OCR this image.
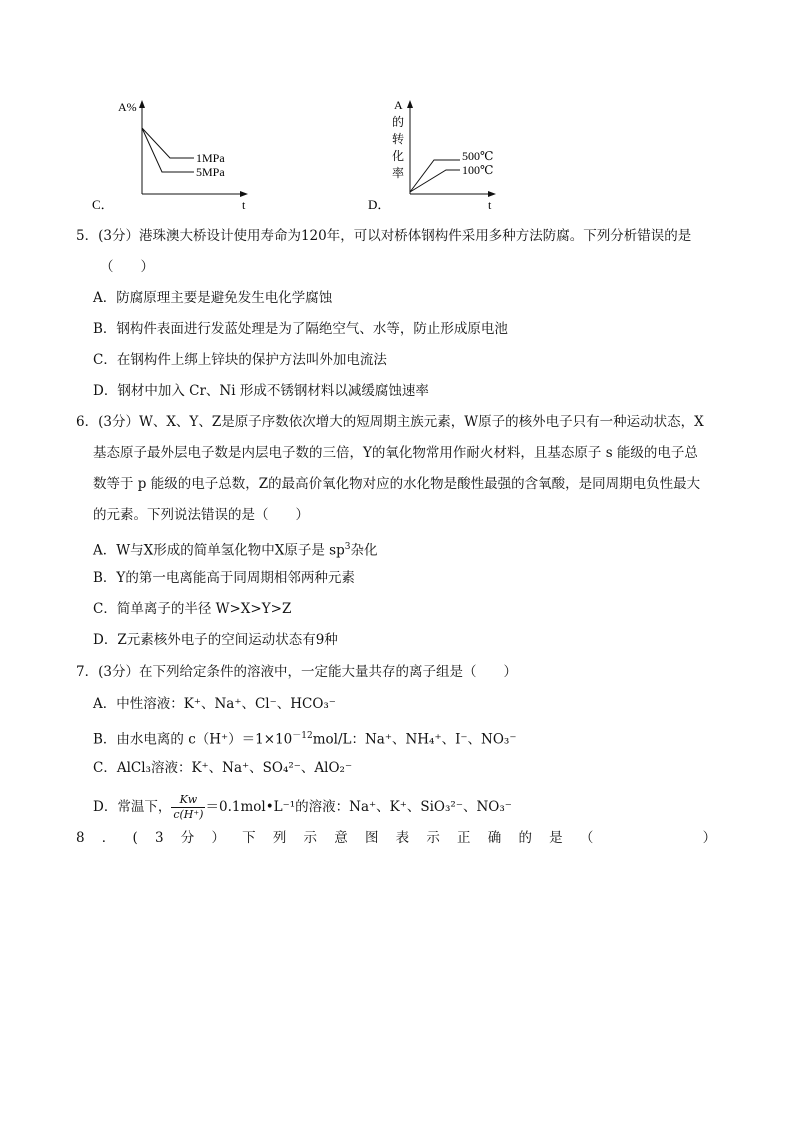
C．
A%
t
1MPa
5MPa
D．
A
的
转
化
率
t
500℃
100℃
5．(3分）港珠澳大桥设计使用寿命为120年，可以对桥体钢构件采用多种方法防腐。下列分析错误的是
（　　）
A．防腐原理主要是避免发生电化学腐蚀
B．钢构件表面进行发蓝处理是为了隔绝空气、水等，防止形成原电池
C．在钢构件上绑上锌块的保护方法叫外加电流法
D．钢材中加入 Cr、Ni 形成不锈钢材料以减缓腐蚀速率
6．(3分）W、X、Y、Z是原子序数依次增大的短周期主族元素，W原子的核外电子只有一种运动状态，X
基态原子最外层电子数是内层电子数的三倍，Y的氧化物常用作耐火材料，且基态原子 s 能级的电子总
数等于 p 能级的电子总数，Z的最高价氧化物对应的水化物是酸性最强的含氧酸，是同周期电负性最大
的元素。下列说法错误的是（　　）
A．W与X形成的简单氢化物中X原子是 $sp^3$杂化
B．Y的第一电离能高于同周期相邻两种元素
C．简单离子的半径 W>X>Y>Z
D．Z元素核外电子的空间运动状态有9种
7．(3分）在下列给定条件的溶液中，一定能大量共存的离子组是（　　）
A．中性溶液：K⁺、Na⁺、Cl⁻、HCO₃⁻
B．由水电离的 $c(H^+)=1\times 10^{-12}mol/L$：Na⁺、NH₄⁺、I⁻、NO₃⁻
C．AlCl₃溶液：K⁺、Na⁺、SO₄²⁻、AlO₂⁻
D．常温下， $\frac{Kw}{c(H^+)}$ ＝0.1mol•L⁻¹的溶液：Na⁺、K⁺、SiO₃²⁻、NO₃⁻
8．(3分）下列示意图表示正确的是（　　　）
